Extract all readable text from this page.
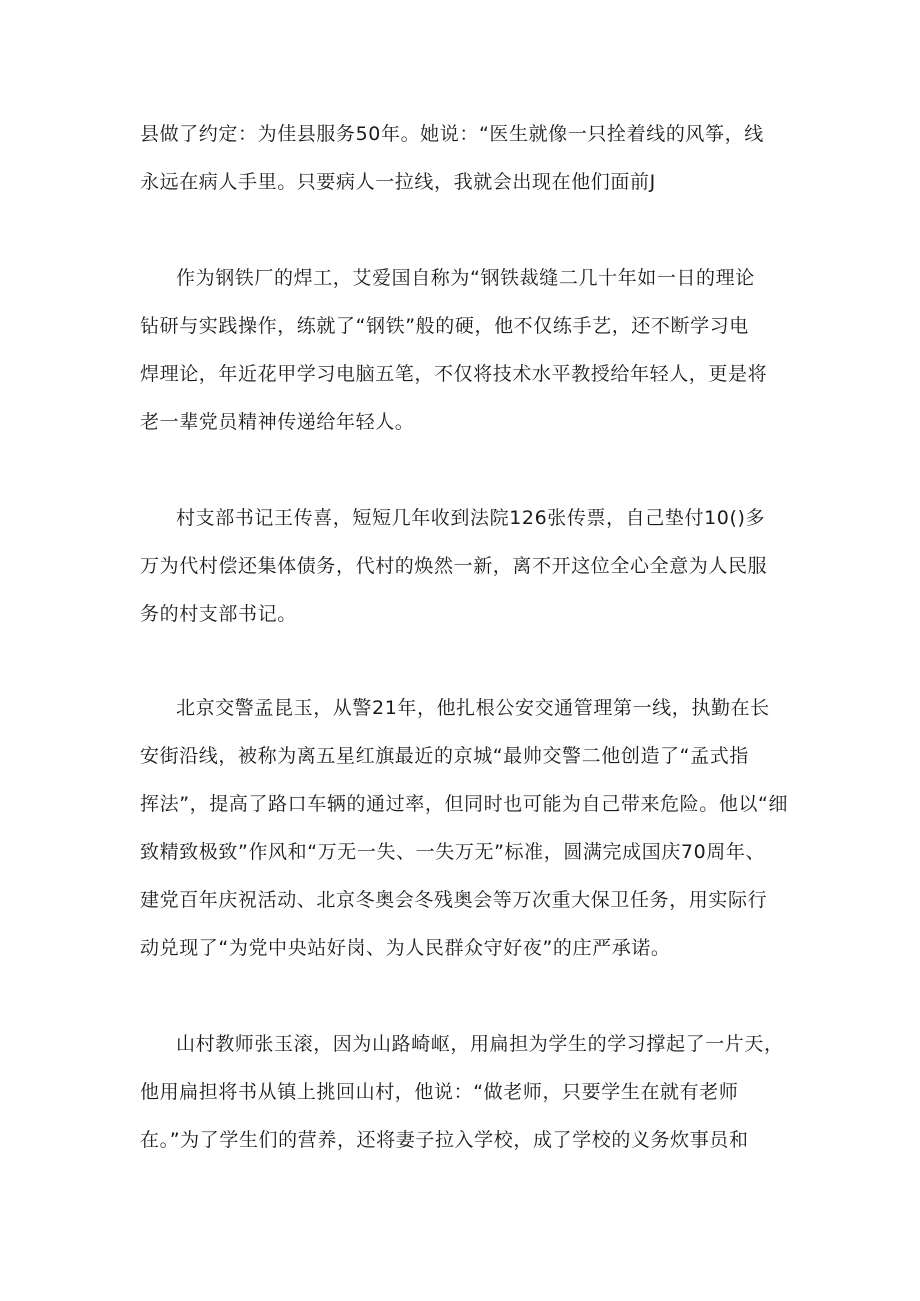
县做了约定：为佳县服务50年。她说：“医生就像一只拴着线的风筝，线
永远在病人手里。只要病人一拉线，我就会出现在他们面前J
作为钢铁厂的焊工，艾爱国自称为“钢铁裁缝二几十年如一日的理论
钻研与实践操作，练就了“钢铁”般的硬，他不仅练手艺，还不断学习电
焊理论，年近花甲学习电脑五笔，不仅将技术水平教授给年轻人，更是将
老一辈党员精神传递给年轻人。
村支部书记王传喜，短短几年收到法院126张传票，自己垫付10()多
万为代村偿还集体债务，代村的焕然一新，离不开这位全心全意为人民服
务的村支部书记。
北京交警孟昆玉，从警21年，他扎根公安交通管理第一线，执勤在长
安街沿线，被称为离五星红旗最近的京城“最帅交警二他创造了“孟式指
挥法”，提高了路口车辆的通过率，但同时也可能为自己带来危险。他以“细
致精致极致”作风和“万无一失、一失万无”标准，圆满完成国庆70周年、
建党百年庆祝活动、北京冬奥会冬残奥会等万次重大保卫任务，用实际行
动兑现了“为党中央站好岗、为人民群众守好夜”的庄严承诺。
山村教师张玉滚，因为山路崎岖，用扁担为学生的学习撑起了一片天，
他用扁担将书从镇上挑回山村，他说：“做老师，只要学生在就有老师
在。”为了学生们的营养，还将妻子拉入学校，成了学校的义务炊事员和
